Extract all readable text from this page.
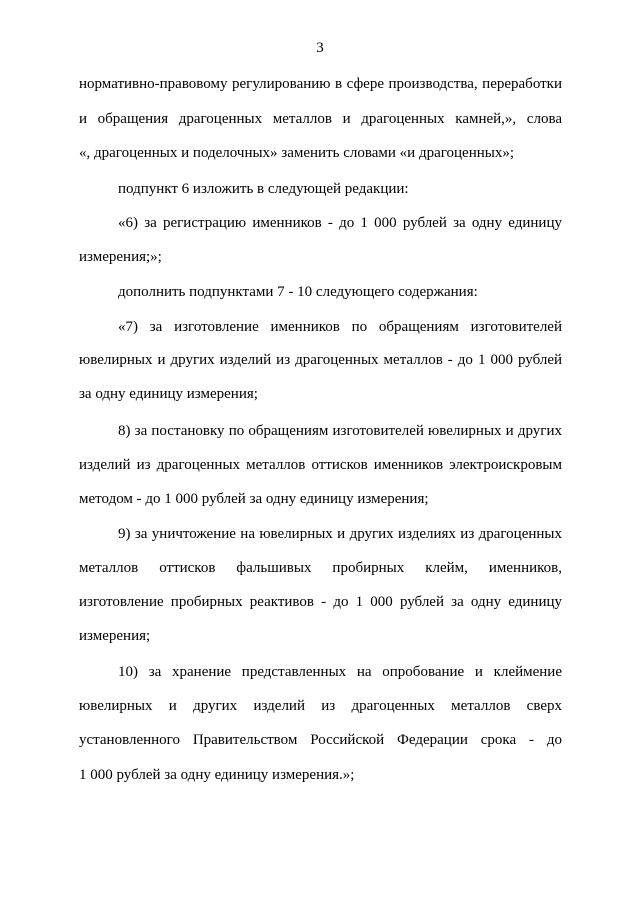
3
нормативно-правовому регулированию в сфере производства, переработки
и обращения драгоценных металлов и драгоценных камней,», слова
«, драгоценных и поделочных» заменить словами «и драгоценных»;
подпункт 6 изложить в следующей редакции:
«6) за регистрацию именников - до 1 000 рублей за одну единицу
измерения;»;
дополнить подпунктами 7 - 10 следующего содержания:
«7) за изготовление именников по обращениям изготовителей
ювелирных и других изделий из драгоценных металлов - до 1 000 рублей
за одну единицу измерения;
8) за постановку по обращениям изготовителей ювелирных и других
изделий из драгоценных металлов оттисков именников электроискровым
методом - до 1 000 рублей за одну единицу измерения;
9) за уничтожение на ювелирных и других изделиях из драгоценных
металлов оттисков фальшивых пробирных клейм, именников,
изготовление пробирных реактивов - до 1 000 рублей за одну единицу
измерения;
10) за хранение представленных на опробование и клеймение
ювелирных и других изделий из драгоценных металлов сверх
установленного Правительством Российской Федерации срока - до
1 000 рублей за одну единицу измерения.»;
